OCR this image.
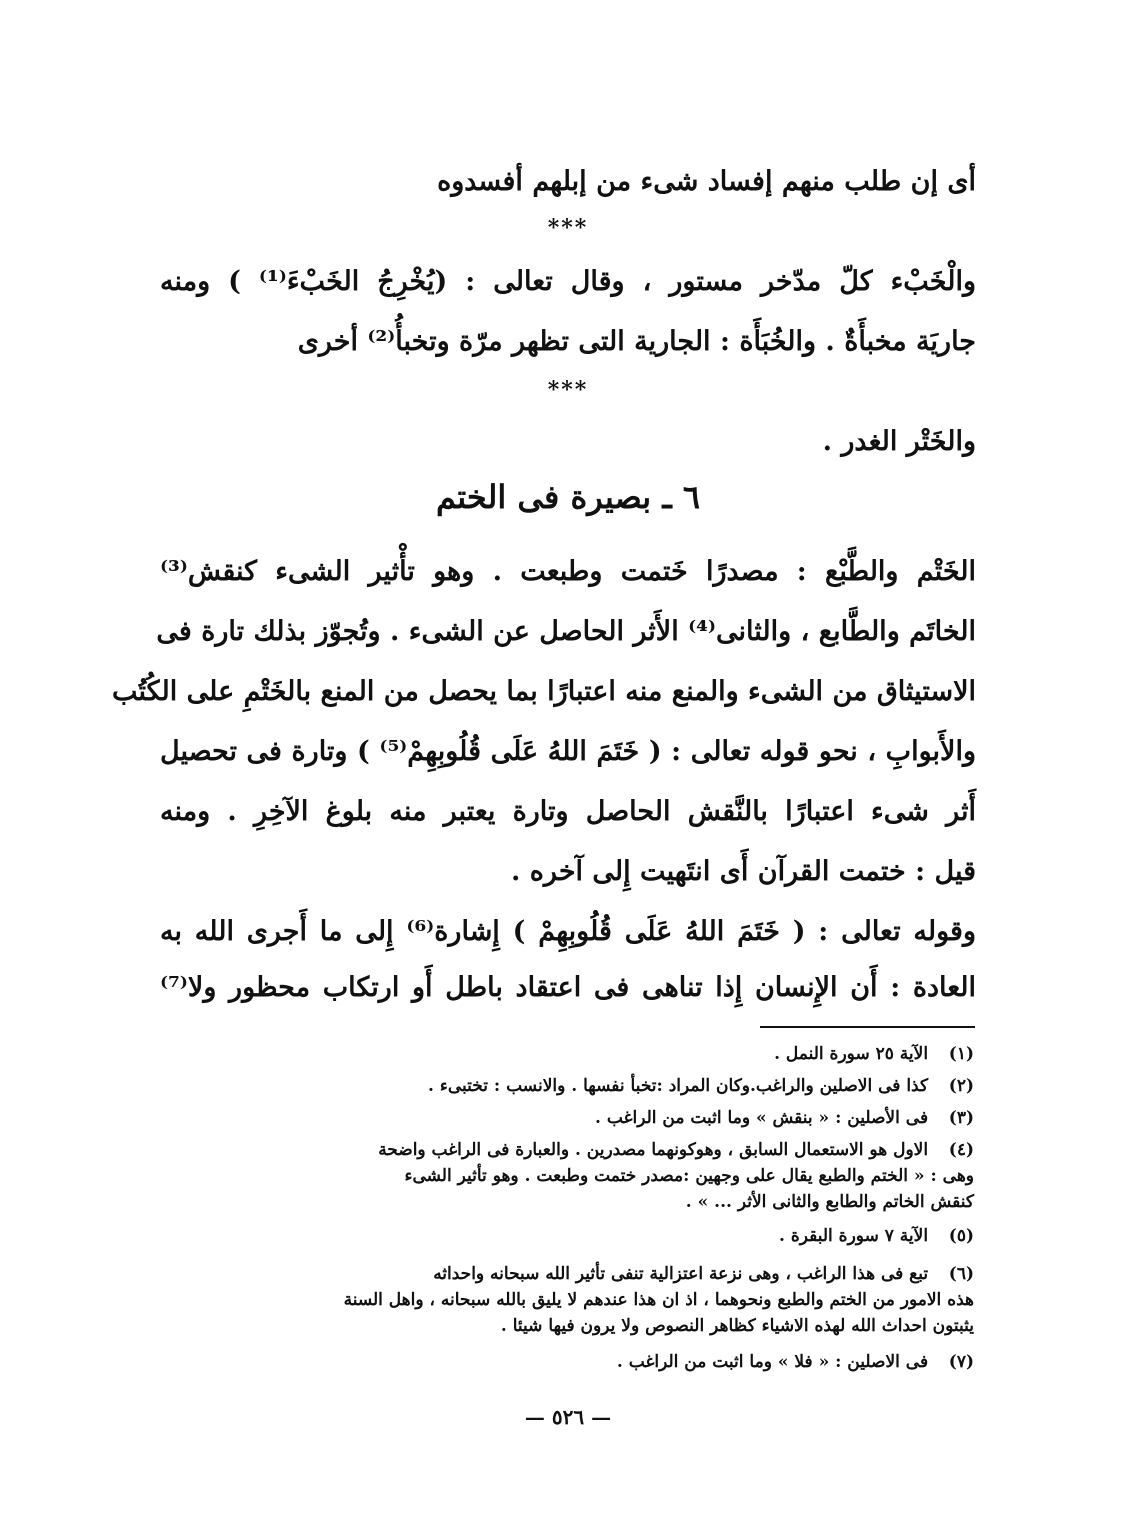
أى إن طلب منهم إفساد شىء من إبلهم أفسدوه
***
والْخَبْء كلّ مدّخر مستور ، وقال تعالى : (يُخْرِجُ الخَبْءَ⁽¹⁾ ) ومنه
جاريَة مخبأَةٌ . والخُبَأَة : الجارية التى تظهر مرّة وتخبأُ⁽²⁾ أخرى
***
والخَتْر الغدر .
٦ ـ بصيرة فى الختم
الخَتْم والطَّبْع : مصدرًا خَتمت وطبعت . وهو تأْثير الشىء كنقش⁽³⁾
الخاتَم والطَّابع ، والثانى⁽⁴⁾ الأَثر الحاصل عن الشىء . وتُجوّز بذلك تارة فى
الاستيثاق من الشىء والمنع منه اعتبارًا بما يحصل من المنع بالخَتْمِ على الكُتُب
والأَبوابِ ، نحو قوله تعالى : ( خَتَمَ اللهُ عَلَى قُلُوبِهِمْ⁽⁵⁾ ) وتارة فى تحصيل
أَثر شىء اعتبارًا بالنَّقش الحاصل وتارة يعتبر منه بلوغ الآخِرِ . ومنه
قيل : ختمت القرآن أَى انتَهيت إِلى آخره .
وقوله تعالى : ( خَتَمَ اللهُ عَلَى قُلُوبِهِمْ ) إِشارة⁽⁶⁾ إِلى ما أَجرى الله به
العادة : أَن الإِنسان إِذا تناهى فى اعتقاد باطل أَو ارتكاب محظور ولا⁽⁷⁾
(١) الآية ٢٥ سورة النمل .
(٢) كذا فى الاصلين والراغب.وكان المراد :تخبأ نفسها . والانسب : تختبىء .
(٣) فى الأصلين : « بنقش » وما اثبت من الراغب .
(٤) الاول هو الاستعمال السابق ، وهوكونهما مصدرين . والعبارة فى الراغب واضحة
وهى : « الختم والطبع يقال على وجهين :مصدر ختمت وطبعت . وهو تأثير الشىء
كنقش الخاتم والطابع والثانى الأثر ... » .
(٥) الآية ٧ سورة البقرة .
(٦) تبع فى هذا الراغب ، وهى نزعة اعتزالية تنفى تأثير الله سبحانه واحداثه
هذه الامور من الختم والطبع ونحوهما ، اذ ان هذا عندهم لا يليق بالله سبحانه ، واهل السنة
يثبتون احداث الله لهذه الاشياء كظاهر النصوص ولا يرون فيها شيئا .
(٧) فى الاصلين : « فلا » وما اثبت من الراغب .
— ٥٢٦ —
